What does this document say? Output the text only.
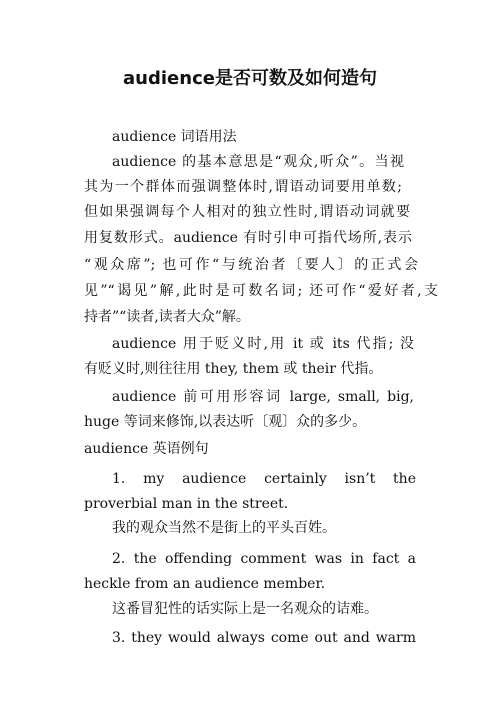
audience是否可数及如何造句

audience 词语用法

audience 的基本意思是“观众,听众”。当视

其为一个群体而强调整体时,谓语动词要用单数;

但如果强调每个人相对的独立性时,谓语动词就要

用复数形式。audience 有时引申可指代场所,表示

“观众席”; 也可作“与统治者〔要人〕的正式会

见”“谒见”解,此时是可数名词; 还可作“爱好者,支

持者”“读者,读者大众”解。

audience 用于贬义时,用 it 或 its 代指; 没

有贬义时,则往往用 they, them 或 their 代指。

audience 前可用形容词 large, small, big,

huge 等词来修饰,以表达听〔观〕众的多少。

audience 英语例句

1. my audience certainly isn’t the

proverbial man in the street.

我的观众当然不是街上的平头百姓。

2. the offending comment was in fact a

heckle from an audience member.

这番冒犯性的话实际上是一名观众的诘难。

3. they would always come out and warm
